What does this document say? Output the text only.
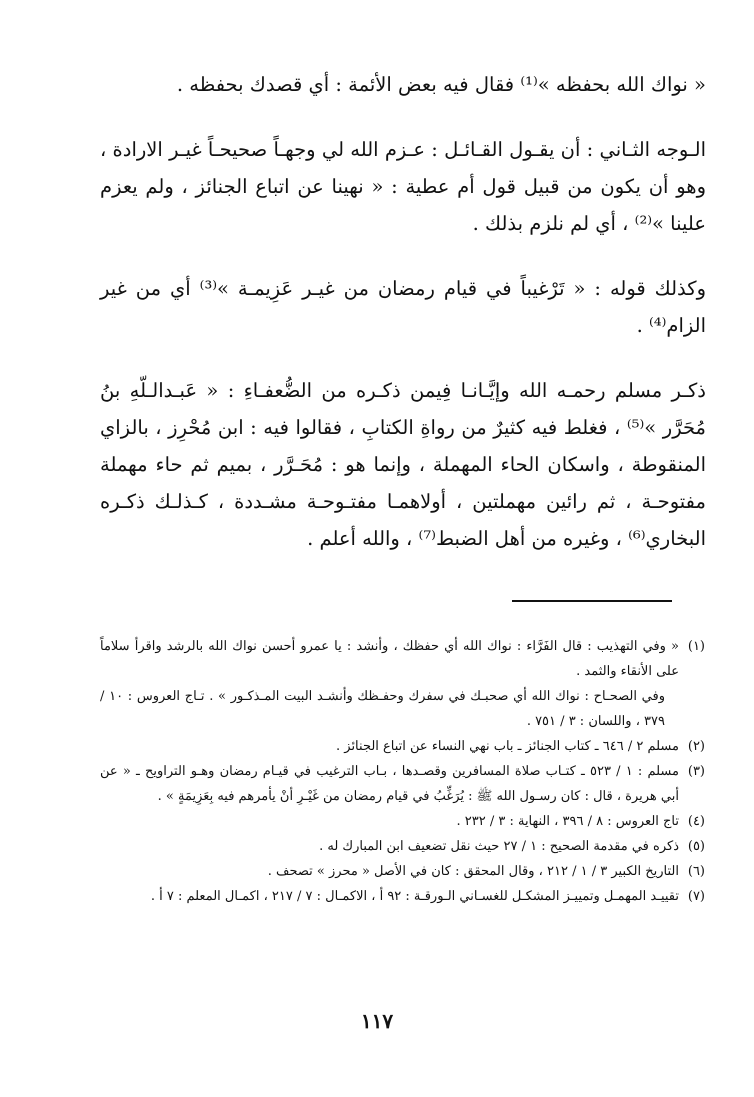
« نواك الله بحفظه »⁽¹⁾ فقال فيه بعض الأئمة : أي قصدك بحفظه .

الـوجه الثـاني : أن يقـول القـائـل : عـزم الله لي وجهـاً صحيحـاً غيـر الارادة ، وهو أن يكون من قبيل قول أم عطية : « نهينا عن اتباع الجنائز ، ولم يعزم علينا »⁽²⁾ ، أي لم نلزم بذلك .

وكذلك قوله : « تَرْغيباً في قيام رمضان من غيـر عَزِيمـة »⁽³⁾ أي من غير الزام⁽⁴⁾ .

ذكـر مسلم رحمـه الله وإيَّـانـا فِيمن ذكـره من الضُّعفـاءِ : « عَبـدالـلّهِ بنُ مُحَرَّر »⁽⁵⁾ ، فغلط فيه كثيرٌ من رواةِ الكتابِ ، فقالوا فيه : ابن مُحْرِز ، بالزاي المنقوطة ، واسكان الحاء المهملة ، وإنما هو : مُحَـرَّر ، بميم ثم حاء مهملة مفتوحـة ، ثم رائين مهملتين ، أولاهمـا مفتـوحـة مشـددة ، كـذلـك ذكـره البخاري⁽⁶⁾ ، وغيره من أهل الضبط⁽⁷⁾ ، والله أعلم .

(١)
« وفي التهذيب : قال الفَرَّاء : نواك الله أي حفظك ، وأنشد : يا عمرو أحسن نواك الله بالرشد واقرأ سلاماً على الأنقاء والثمد .
وفي الصحـاح : نواك الله أي صحبـك في سفرك وحفـظك وأنشـد البيت المـذكـور » . تـاج العروس : ١٠ / ٣٧٩ ، واللسان : ٣ / ٧٥١ .
(٢)
مسلم ٢ / ٦٤٦ ـ كتاب الجنائز ـ باب نهي النساء عن اتباع الجنائز .
(٣)
مسلم : ١ / ٥٢٣ ـ كتـاب صلاة المسافرين وقصـدها ، بـاب الترغيب في قيـام رمضان وهـو التراويح ـ « عن أبي هريرة ، قال : كان رسـول الله ﷺ : يُرَغِّبُ في قيام رمضان من غَيْـرِ أنْ يأمرهم فيه بِعَزِيمَةٍ » .
(٤)
تاج العروس : ٨ / ٣٩٦ ، النهاية : ٣ / ٢٣٢ .
(٥)
ذكره في مقدمة الصحيح : ١ / ٢٧ حيث نقل تضعيف ابن المبارك له .
(٦)
التاريخ الكبير ٣ / ١ / ٢١٢ ، وقال المحقق : كان في الأصل « محرز » تصحف .
(٧)
تقييـد المهمـل وتمييـز المشكـل للغسـاني الـورقـة : ٩٢ أ ، الاكمـال : ٧ / ٢١٧ ، اكمـال المعلم : ٧ أ .
١١٧
